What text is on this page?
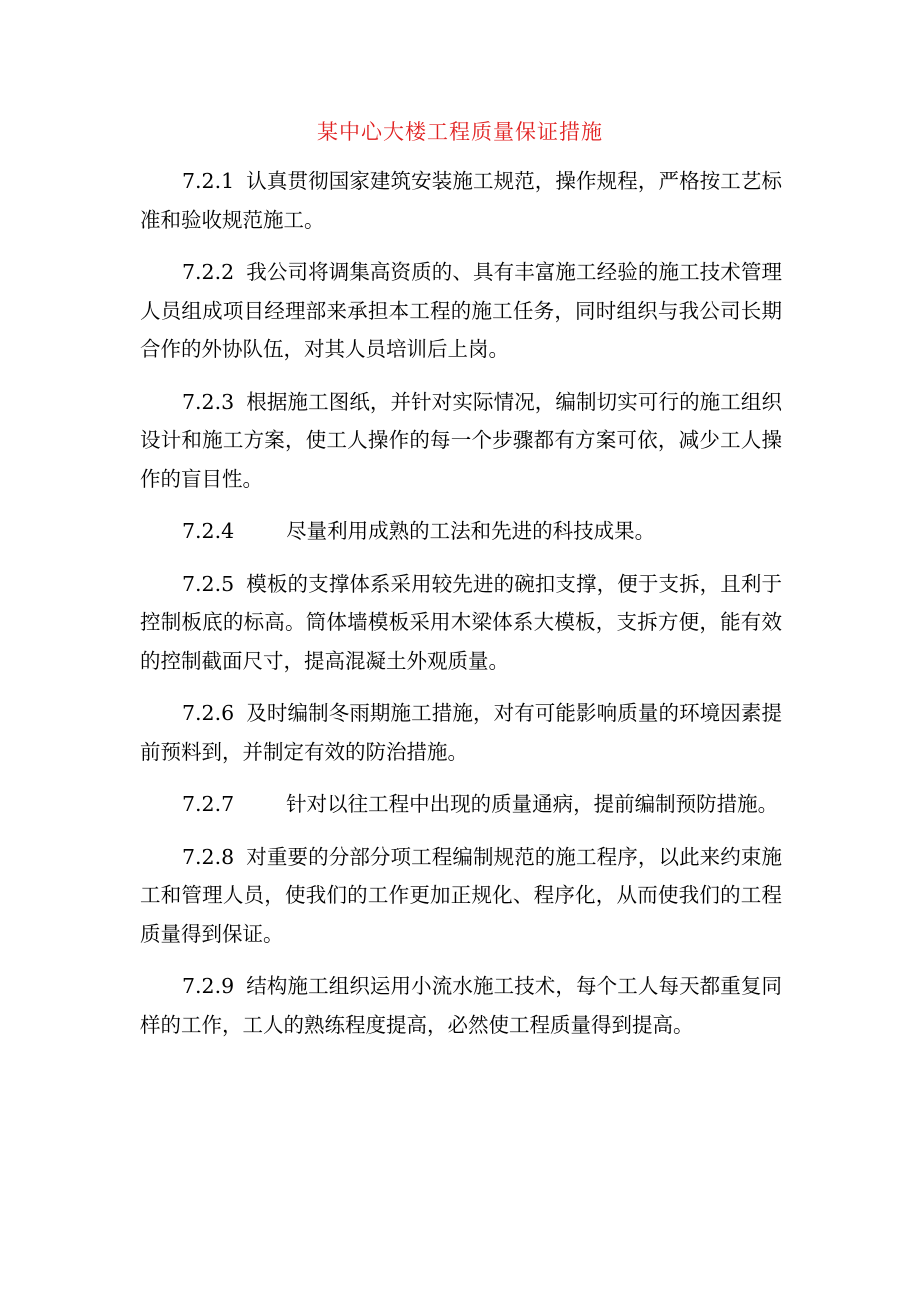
某中心大楼工程质量保证措施

7.2.1 认真贯彻国家建筑安装施工规范，操作规程，严格按工艺标准和验收规范施工。

7.2.2 我公司将调集高资质的、具有丰富施工经验的施工技术管理人员组成项目经理部来承担本工程的施工任务，同时组织与我公司长期合作的外协队伍，对其人员培训后上岗。

7.2.3 根据施工图纸，并针对实际情况，编制切实可行的施工组织设计和施工方案，使工人操作的每一个步骤都有方案可依，减少工人操作的盲目性。

7.2.4	尽量利用成熟的工法和先进的科技成果。

7.2.5 模板的支撑体系采用较先进的碗扣支撑，便于支拆，且利于控制板底的标高。筒体墙模板采用木梁体系大模板，支拆方便，能有效的控制截面尺寸，提高混凝土外观质量。

7.2.6 及时编制冬雨期施工措施，对有可能影响质量的环境因素提前预料到，并制定有效的防治措施。

7.2.7	针对以往工程中出现的质量通病，提前编制预防措施。

7.2.8 对重要的分部分项工程编制规范的施工程序，以此来约束施工和管理人员，使我们的工作更加正规化、程序化，从而使我们的工程质量得到保证。

7.2.9 结构施工组织运用小流水施工技术，每个工人每天都重复同样的工作，工人的熟练程度提高，必然使工程质量得到提高。
